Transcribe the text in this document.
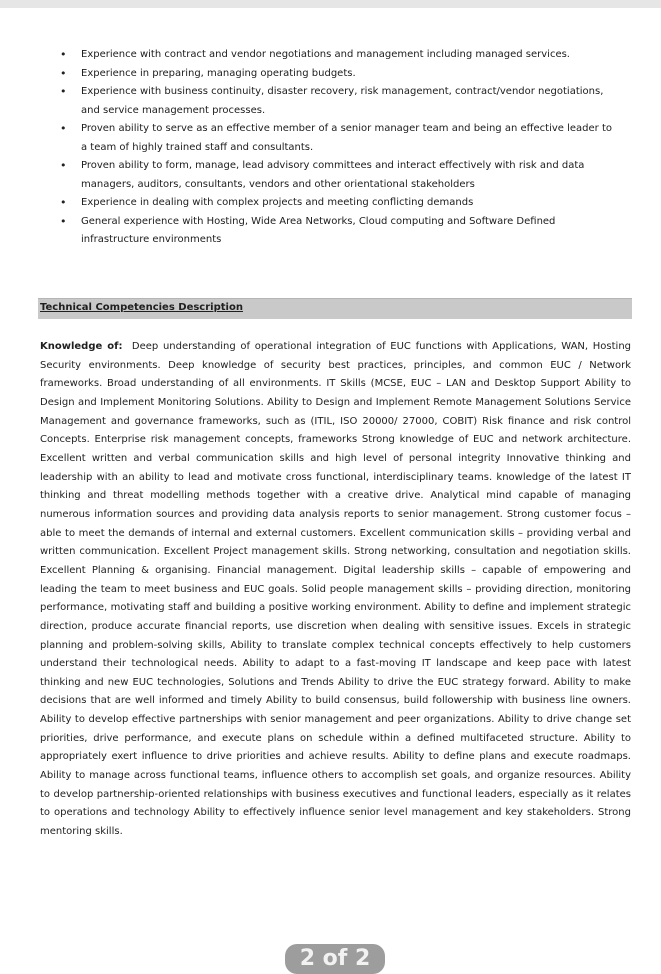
• Experience with contract and vendor negotiations and management including managed services.
• Experience in preparing, managing operating budgets.
• Experience with business continuity, disaster recovery, risk management, contract/vendor negotiations, and service management processes.
• Proven ability to serve as an effective member of a senior manager team and being an effective leader to a team of highly trained staff and consultants.
• Proven ability to form, manage, lead advisory committees and interact effectively with risk and data managers, auditors, consultants, vendors and other orientational stakeholders
• Experience in dealing with complex projects and meeting conflicting demands
• General experience with Hosting, Wide Area Networks, Cloud computing and Software Defined infrastructure environments
Technical Competencies Description

Knowledge of: Deep understanding of operational integration of EUC functions with Applications, WAN, Hosting Security environments. Deep knowledge of security best practices, principles, and common EUC / Network frameworks. Broad understanding of all environments. IT Skills (MCSE, EUC – LAN and Desktop Support Ability to Design and Implement Monitoring Solutions. Ability to Design and Implement Remote Management Solutions Service Management and governance frameworks, such as (ITIL, ISO 20000/ 27000, COBIT) Risk finance and risk control Concepts. Enterprise risk management concepts, frameworks Strong knowledge of EUC and network architecture. Excellent written and verbal communication skills and high level of personal integrity Innovative thinking and leadership with an ability to lead and motivate cross functional, interdisciplinary teams. knowledge of the latest IT thinking and threat modelling methods together with a creative drive. Analytical mind capable of managing numerous information sources and providing data analysis reports to senior management. Strong customer focus – able to meet the demands of internal and external customers. Excellent communication skills – providing verbal and written communication. Excellent Project management skills. Strong networking, consultation and negotiation skills. Excellent Planning & organising. Financial management. Digital leadership skills – capable of empowering and leading the team to meet business and EUC goals. Solid people management skills – providing direction, monitoring performance, motivating staff and building a positive working environment. Ability to define and implement strategic direction, produce accurate financial reports, use discretion when dealing with sensitive issues. Excels in strategic planning and problem-solving skills, Ability to translate complex technical concepts effectively to help customers understand their technological needs. Ability to adapt to a fast-moving IT landscape and keep pace with latest thinking and new EUC technologies, Solutions and Trends Ability to drive the EUC strategy forward. Ability to make decisions that are well informed and timely Ability to build consensus, build followership with business line owners. Ability to develop effective partnerships with senior management and peer organizations. Ability to drive change set priorities, drive performance, and execute plans on schedule within a defined multifaceted structure. Ability to appropriately exert influence to drive priorities and achieve results. Ability to define plans and execute roadmaps. Ability to manage across functional teams, influence others to accomplish set goals, and organize resources. Ability to develop partnership-oriented relationships with business executives and functional leaders, especially as it relates to operations and technology Ability to effectively influence senior level management and key stakeholders. Strong mentoring skills.

2 of 2
